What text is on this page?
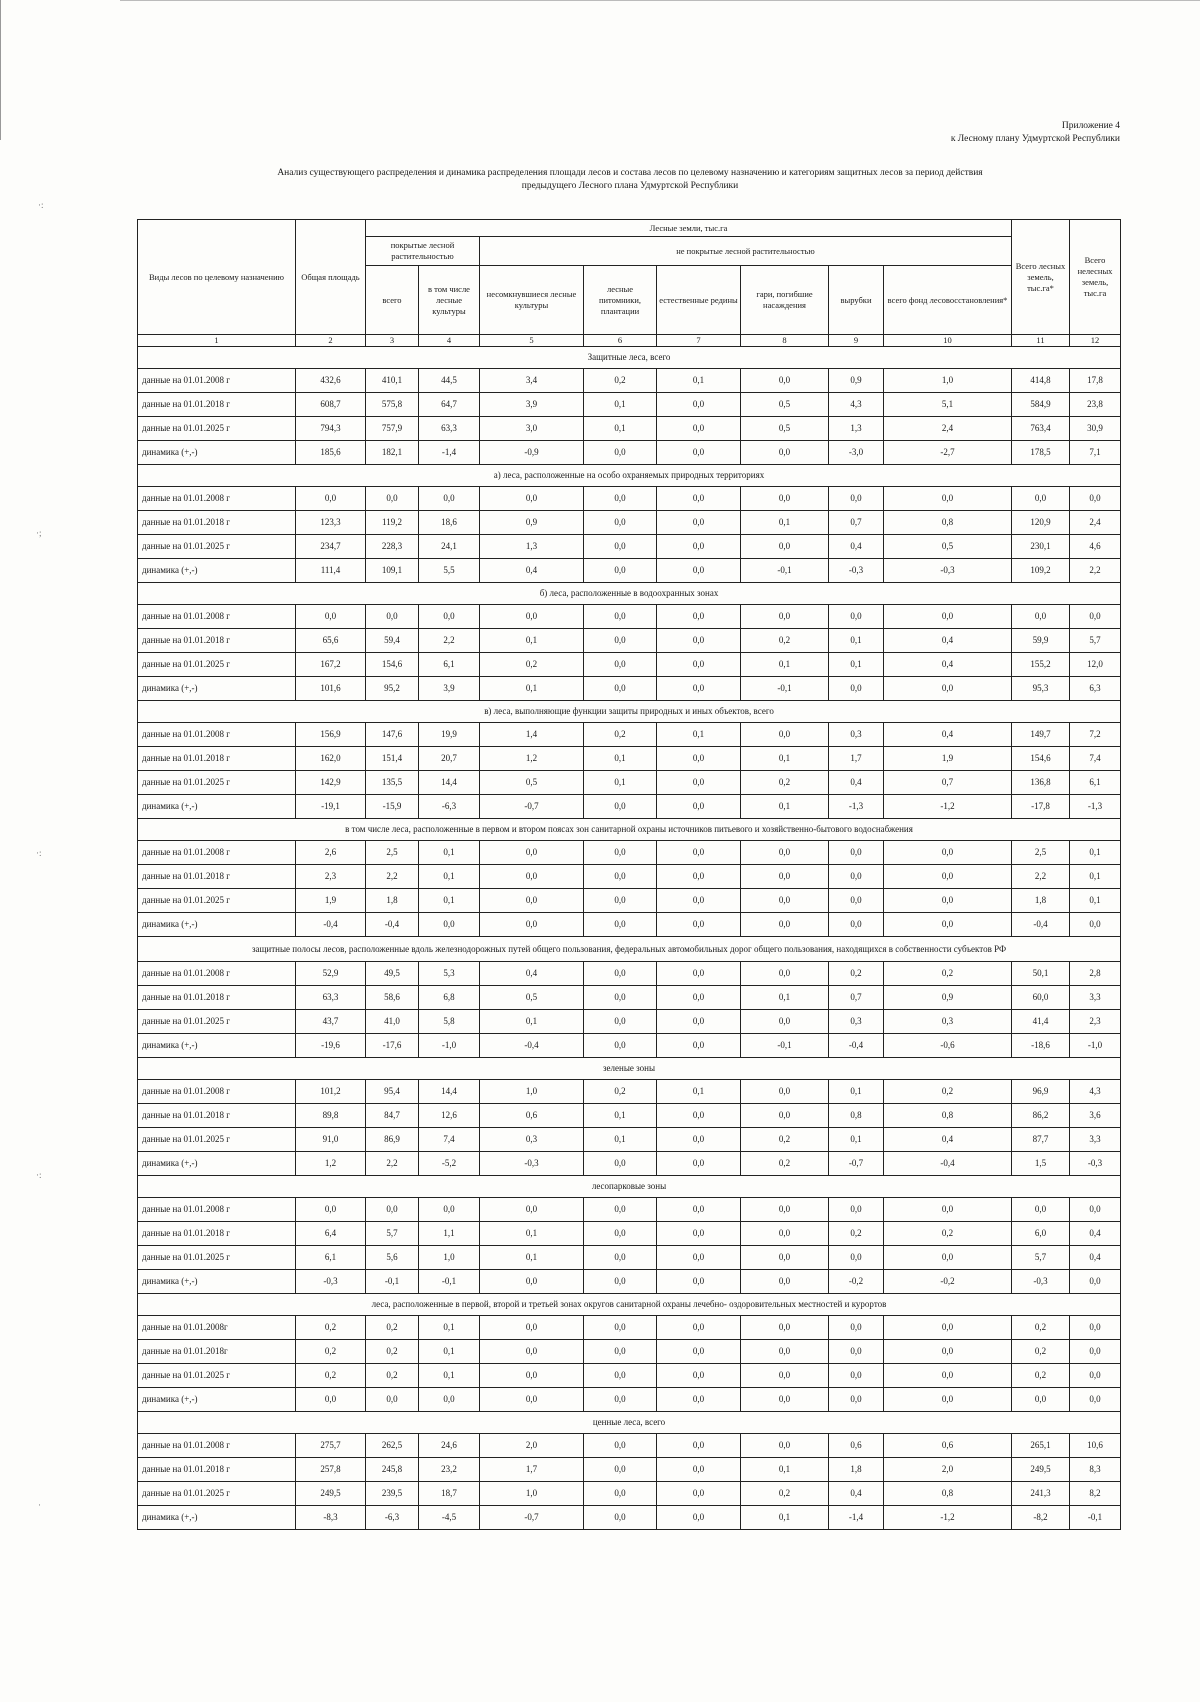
·:
·;
·:
·:
·
Приложение 4
к Лесному плану Удмуртской Республики
Анализ существующего распределения и динамика распределения площади лесов и состава лесов по целевому назначению и категориям защитных лесов за период действия
предыдущего Лесного плана Удмуртской Республики
Виды лесов по целевому назначению	Общая площадь	Лесные земли, тыс.га								Всего лесных земель, тыс.га*	Всего нелесных земель, тыс.га
		покрытые лесной растительностью		не покрытые лесной растительностью							
		всего	в том числе лесные культуры	несомкнувшиеся лесные культуры	лесные питомники, плантации	естественные редины	гари, погибшие насаждения	вырубки	всего фонд лесовосстановления*		
1	2	3	4	5	6	7	8	9	10	11	12
Защитные леса, всего											
данные на 01.01.2008 г	432,6	410,1	44,5	3,4	0,2	0,1	0,0	0,9	1,0	414,8	17,8
данные на 01.01.2018 г	608,7	575,8	64,7	3,9	0,1	0,0	0,5	4,3	5,1	584,9	23,8
данные на 01.01.2025 г	794,3	757,9	63,3	3,0	0,1	0,0	0,5	1,3	2,4	763,4	30,9
динамика (+,-)	185,6	182,1	-1,4	-0,9	0,0	0,0	0,0	-3,0	-2,7	178,5	7,1
а) леса, расположенные на особо охраняемых природных территориях											
данные на 01.01.2008 г	0,0	0,0	0,0	0,0	0,0	0,0	0,0	0,0	0,0	0,0	0,0
данные на 01.01.2018 г	123,3	119,2	18,6	0,9	0,0	0,0	0,1	0,7	0,8	120,9	2,4
данные на 01.01.2025 г	234,7	228,3	24,1	1,3	0,0	0,0	0,0	0,4	0,5	230,1	4,6
динамика (+,-)	111,4	109,1	5,5	0,4	0,0	0,0	-0,1	-0,3	-0,3	109,2	2,2
б) леса, расположенные в водоохранных зонах											
данные на 01.01.2008 г	0,0	0,0	0,0	0,0	0,0	0,0	0,0	0,0	0,0	0,0	0,0
данные на 01.01.2018 г	65,6	59,4	2,2	0,1	0,0	0,0	0,2	0,1	0,4	59,9	5,7
данные на 01.01.2025 г	167,2	154,6	6,1	0,2	0,0	0,0	0,1	0,1	0,4	155,2	12,0
динамика (+,-)	101,6	95,2	3,9	0,1	0,0	0,0	-0,1	0,0	0,0	95,3	6,3
в) леса, выполняющие функции защиты природных и иных объектов, всего											
данные на 01.01.2008 г	156,9	147,6	19,9	1,4	0,2	0,1	0,0	0,3	0,4	149,7	7,2
данные на 01.01.2018 г	162,0	151,4	20,7	1,2	0,1	0,0	0,1	1,7	1,9	154,6	7,4
данные на 01.01.2025 г	142,9	135,5	14,4	0,5	0,1	0,0	0,2	0,4	0,7	136,8	6,1
динамика (+,-)	-19,1	-15,9	-6,3	-0,7	0,0	0,0	0,1	-1,3	-1,2	-17,8	-1,3
в том числе леса, расположенные в первом и втором поясах зон санитарной охраны источников питьевого и хозяйственно-бытового водоснабжения											
данные на 01.01.2008 г	2,6	2,5	0,1	0,0	0,0	0,0	0,0	0,0	0,0	2,5	0,1
данные на 01.01.2018 г	2,3	2,2	0,1	0,0	0,0	0,0	0,0	0,0	0,0	2,2	0,1
данные на 01.01.2025 г	1,9	1,8	0,1	0,0	0,0	0,0	0,0	0,0	0,0	1,8	0,1
динамика (+,-)	-0,4	-0,4	0,0	0,0	0,0	0,0	0,0	0,0	0,0	-0,4	0,0
защитные полосы лесов, расположенные вдоль железнодорожных путей общего пользования, федеральных автомобильных дорог общего пользования, находящихся в собственности субъектов РФ											
данные на 01.01.2008 г	52,9	49,5	5,3	0,4	0,0	0,0	0,0	0,2	0,2	50,1	2,8
данные на 01.01.2018 г	63,3	58,6	6,8	0,5	0,0	0,0	0,1	0,7	0,9	60,0	3,3
данные на 01.01.2025 г	43,7	41,0	5,8	0,1	0,0	0,0	0,0	0,3	0,3	41,4	2,3
динамика (+,-)	-19,6	-17,6	-1,0	-0,4	0,0	0,0	-0,1	-0,4	-0,6	-18,6	-1,0
зеленые зоны											
данные на 01.01.2008 г	101,2	95,4	14,4	1,0	0,2	0,1	0,0	0,1	0,2	96,9	4,3
данные на 01.01.2018 г	89,8	84,7	12,6	0,6	0,1	0,0	0,0	0,8	0,8	86,2	3,6
данные на 01.01.2025 г	91,0	86,9	7,4	0,3	0,1	0,0	0,2	0,1	0,4	87,7	3,3
динамика (+,-)	1,2	2,2	-5,2	-0,3	0,0	0,0	0,2	-0,7	-0,4	1,5	-0,3
лесопарковые зоны											
данные на 01.01.2008 г	0,0	0,0	0,0	0,0	0,0	0,0	0,0	0,0	0,0	0,0	0,0
данные на 01.01.2018 г	6,4	5,7	1,1	0,1	0,0	0,0	0,0	0,2	0,2	6,0	0,4
данные на 01.01.2025 г	6,1	5,6	1,0	0,1	0,0	0,0	0,0	0,0	0,0	5,7	0,4
динамика (+,-)	-0,3	-0,1	-0,1	0,0	0,0	0,0	0,0	-0,2	-0,2	-0,3	0,0
леса, расположенные в первой, второй и третьей зонах округов санитарной охраны лечебно- оздоровительных местностей и курортов											
данные на 01.01.2008г	0,2	0,2	0,1	0,0	0,0	0,0	0,0	0,0	0,0	0,2	0,0
данные на 01.01.2018г	0,2	0,2	0,1	0,0	0,0	0,0	0,0	0,0	0,0	0,2	0,0
данные на 01.01.2025 г	0,2	0,2	0,1	0,0	0,0	0,0	0,0	0,0	0,0	0,2	0,0
динамика (+,-)	0,0	0,0	0,0	0,0	0,0	0,0	0,0	0,0	0,0	0,0	0,0
ценные леса, всего											
данные на 01.01.2008 г	275,7	262,5	24,6	2,0	0,0	0,0	0,0	0,6	0,6	265,1	10,6
данные на 01.01.2018 г	257,8	245,8	23,2	1,7	0,0	0,0	0,1	1,8	2,0	249,5	8,3
данные на 01.01.2025 г	249,5	239,5	18,7	1,0	0,0	0,0	0,2	0,4	0,8	241,3	8,2
динамика (+,-)	-8,3	-6,3	-4,5	-0,7	0,0	0,0	0,1	-1,4	-1,2	-8,2	-0,1
